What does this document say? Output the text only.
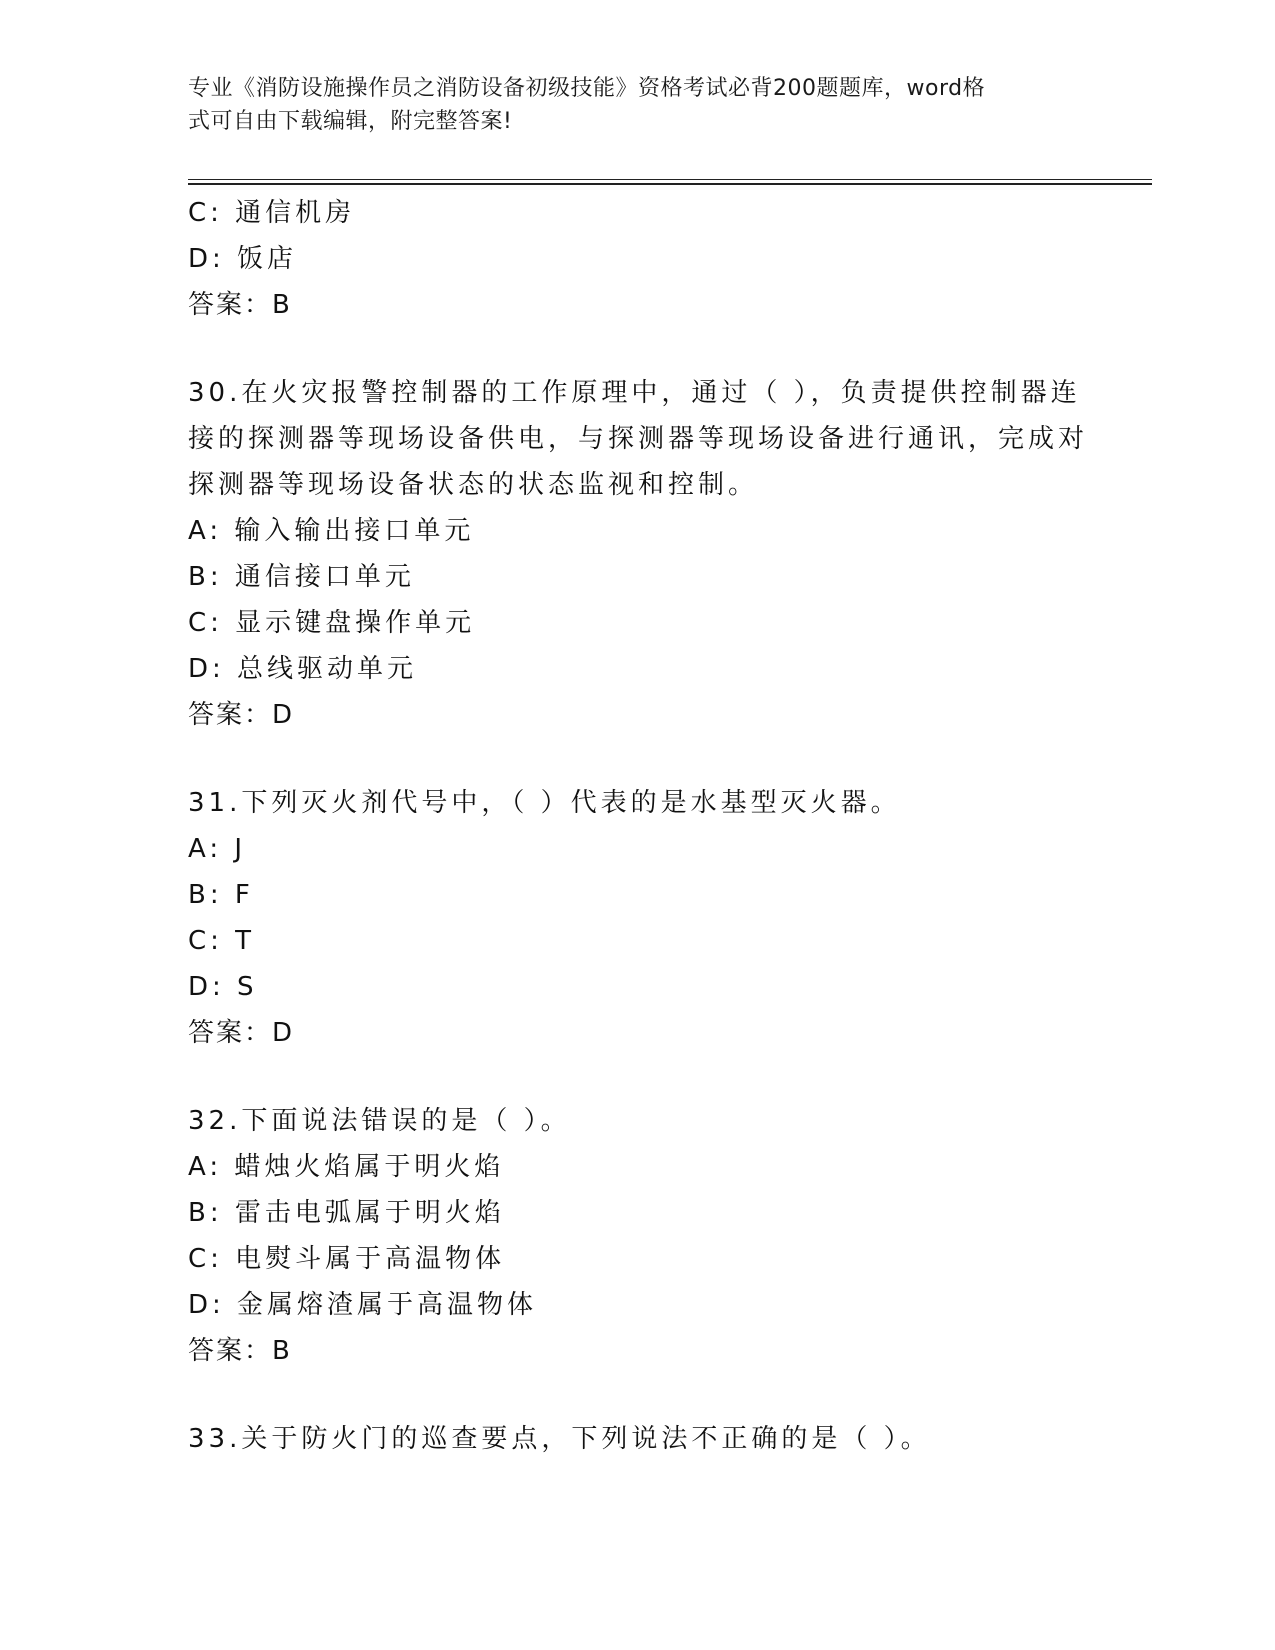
专业《消防设施操作员之消防设备初级技能》资格考试必背200题题库，word格
式可自由下载编辑，附完整答案!
C: 通信机房
D: 饭店
答案：B
30.在火灾报警控制器的工作原理中，通过（ ），负责提供控制器连
接的探测器等现场设备供电，与探测器等现场设备进行通讯，完成对
探测器等现场设备状态的状态监视和控制。
A: 输入输出接口单元
B: 通信接口单元
C: 显示键盘操作单元
D: 总线驱动单元
答案：D
31.下列灭火剂代号中，（ ）代表的是水基型灭火器。
A: J
B: F
C: T
D: S
答案：D
32.下面说法错误的是（ ）。
A: 蜡烛火焰属于明火焰
B: 雷击电弧属于明火焰
C: 电熨斗属于高温物体
D: 金属熔渣属于高温物体
答案：B
33.关于防火门的巡查要点，下列说法不正确的是（ ）。
